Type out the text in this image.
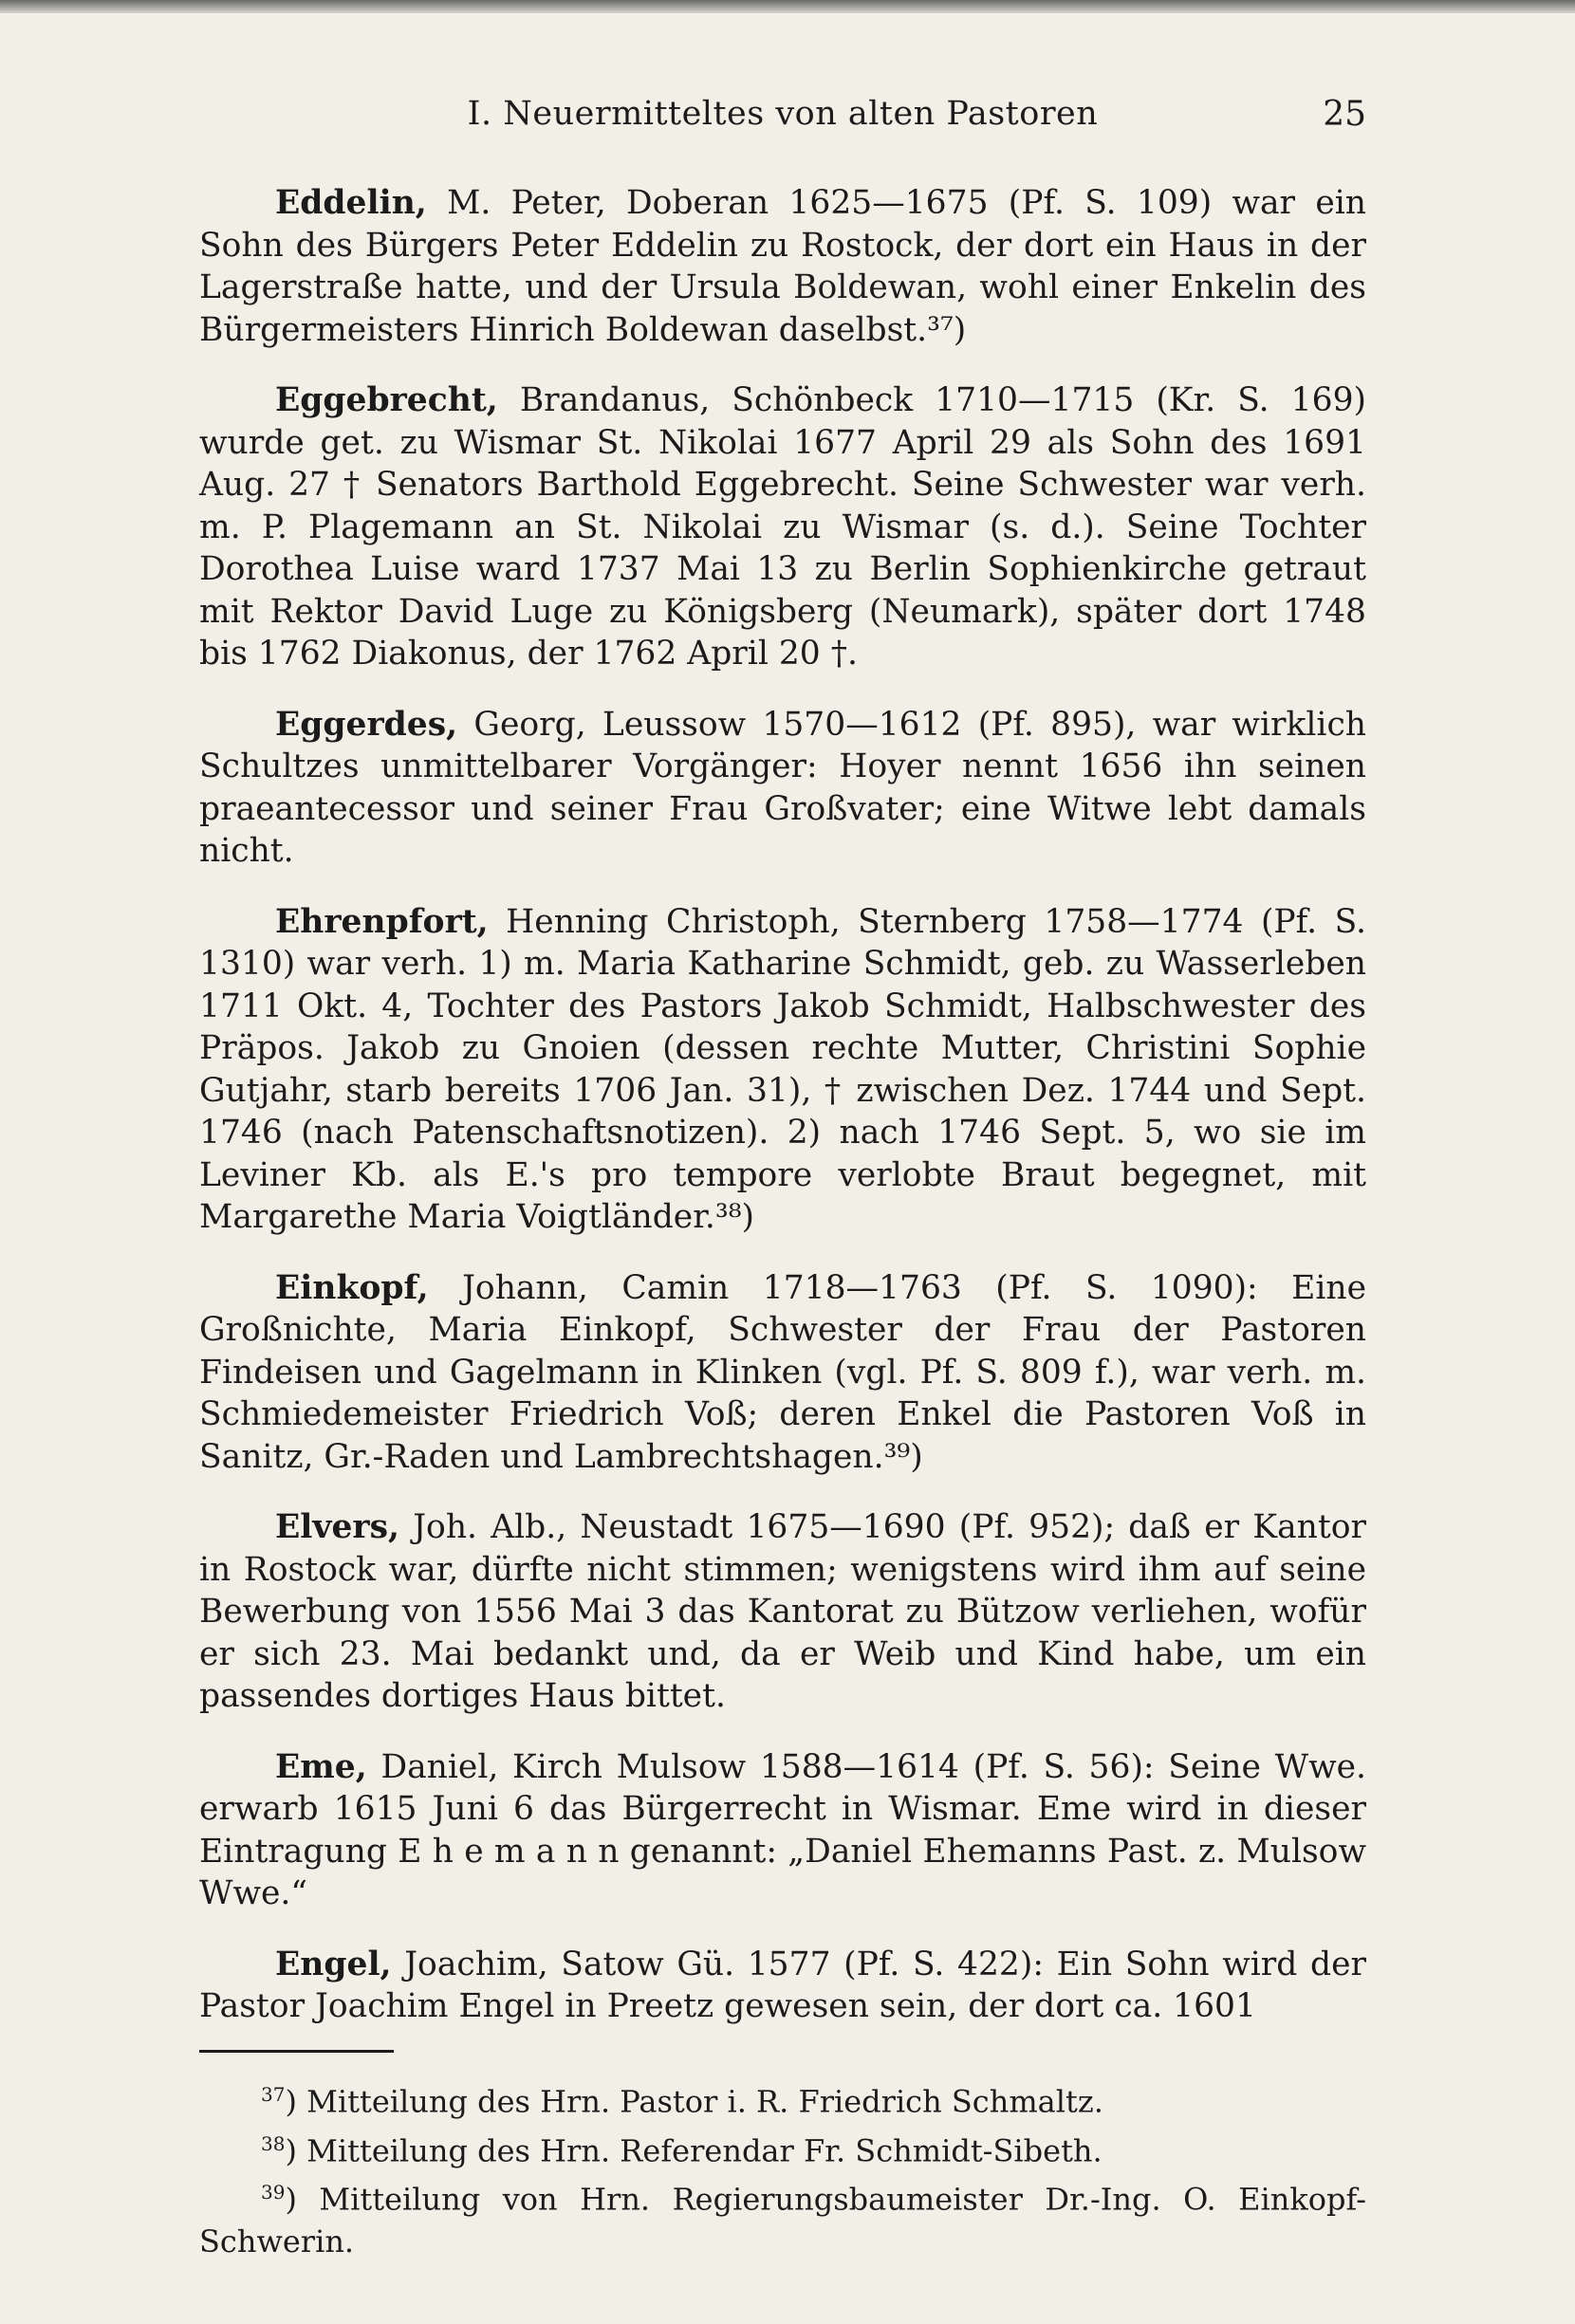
I. Neuermitteltes von alten Pastoren	25

Eddelin, M. Peter, Doberan 1625—1675 (Pf. S. 109) war ein Sohn des Bürgers Peter Eddelin zu Rostock, der dort ein Haus in der Lagerstraße hatte, und der Ursula Boldewan, wohl einer Enkelin des Bürgermeisters Hinrich Boldewan daselbst.³⁷)

Eggebrecht, Brandanus, Schönbeck 1710—1715 (Kr. S. 169) wurde get. zu Wismar St. Nikolai 1677 April 29 als Sohn des 1691 Aug. 27 † Senators Barthold Eggebrecht. Seine Schwester war verh. m. P. Plagemann an St. Nikolai zu Wismar (s. d.). Seine Tochter Dorothea Luise ward 1737 Mai 13 zu Berlin Sophienkirche getraut mit Rektor David Luge zu Königsberg (Neumark), später dort 1748 bis 1762 Diakonus, der 1762 April 20 †.

Eggerdes, Georg, Leussow 1570—1612 (Pf. 895), war wirklich Schultzes unmittelbarer Vorgänger: Hoyer nennt 1656 ihn seinen praeantecessor und seiner Frau Großvater; eine Witwe lebt damals nicht.

Ehrenpfort, Henning Christoph, Sternberg 1758—1774 (Pf. S. 1310) war verh. 1) m. Maria Katharine Schmidt, geb. zu Wasserleben 1711 Okt. 4, Tochter des Pastors Jakob Schmidt, Halbschwester des Präpos. Jakob zu Gnoien (dessen rechte Mutter, Christini Sophie Gutjahr, starb bereits 1706 Jan. 31), † zwischen Dez. 1744 und Sept. 1746 (nach Patenschaftsnotizen). 2) nach 1746 Sept. 5, wo sie im Leviner Kb. als E.'s pro tempore verlobte Braut begegnet, mit Margarethe Maria Voigtländer.³⁸)

Einkopf, Johann, Camin 1718—1763 (Pf. S. 1090): Eine Großnichte, Maria Einkopf, Schwester der Frau der Pastoren Findeisen und Gagelmann in Klinken (vgl. Pf. S. 809 f.), war verh. m. Schmiedemeister Friedrich Voß; deren Enkel die Pastoren Voß in Sanitz, Gr.-Raden und Lambrechtshagen.³⁹)

Elvers, Joh. Alb., Neustadt 1675—1690 (Pf. 952); daß er Kantor in Rostock war, dürfte nicht stimmen; wenigstens wird ihm auf seine Bewerbung von 1556 Mai 3 das Kantorat zu Bützow verliehen, wofür er sich 23. Mai bedankt und, da er Weib und Kind habe, um ein passendes dortiges Haus bittet.

Eme, Daniel, Kirch Mulsow 1588—1614 (Pf. S. 56): Seine Wwe. erwarb 1615 Juni 6 das Bürgerrecht in Wismar. Eme wird in dieser Eintragung E h e m a n n genannt: „Daniel Ehemanns Past. z. Mulsow Wwe.“

Engel, Joachim, Satow Gü. 1577 (Pf. S. 422): Ein Sohn wird der Pastor Joachim Engel in Preetz gewesen sein, der dort ca. 1601

$^{37}$) Mitteilung des Hrn. Pastor i. R. Friedrich Schmaltz.

$^{38}$) Mitteilung des Hrn. Referendar Fr. Schmidt-Sibeth.

$^{39}$) Mitteilung von Hrn. Regierungsbaumeister Dr.-Ing. O. Einkopf-Schwerin.
